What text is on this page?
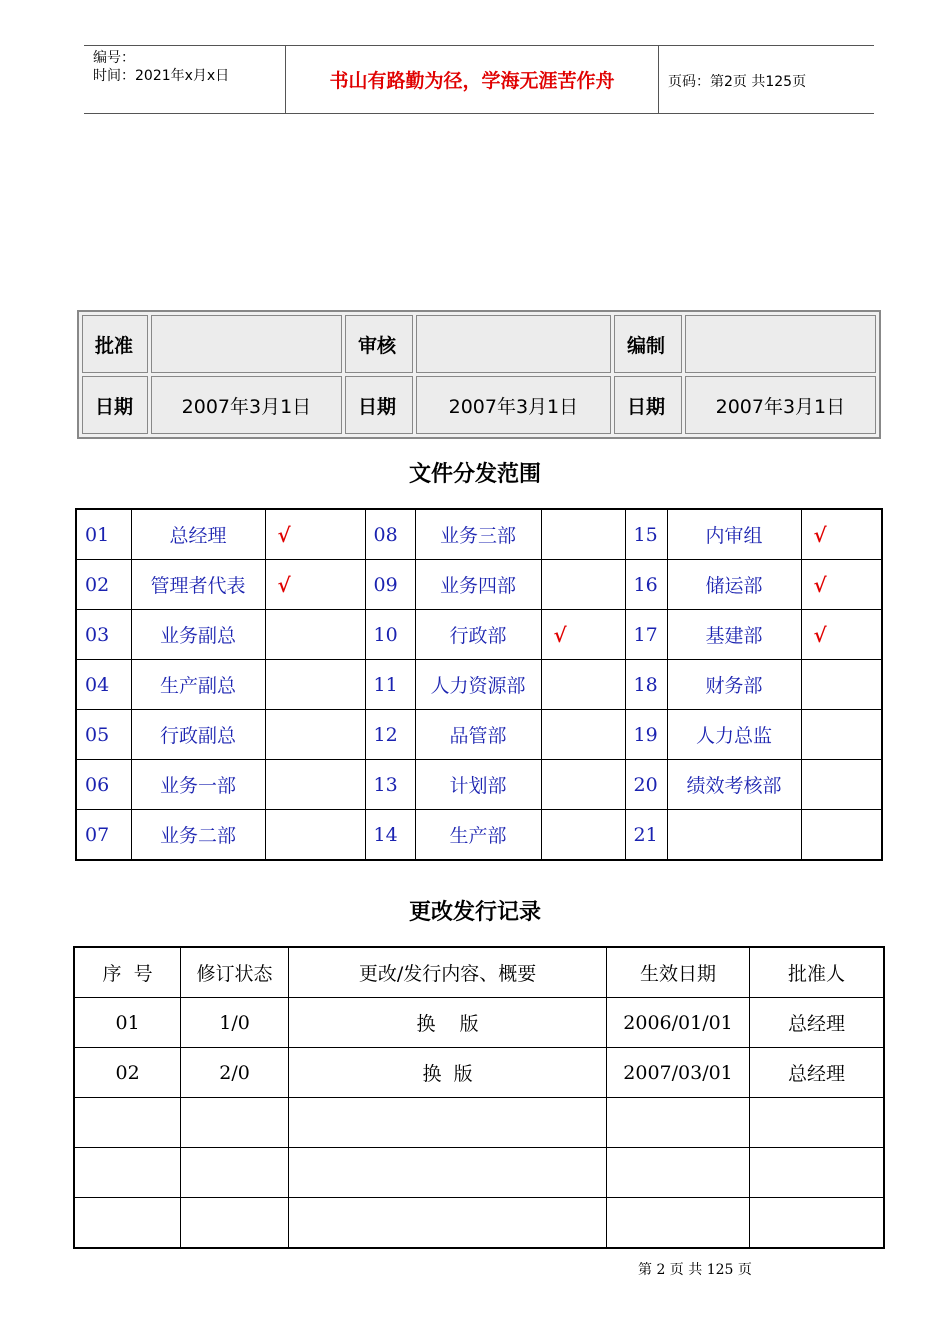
编号：
时间：2021年x月x日	书山有路勤为径，学海无涯苦作舟	页码：第2页 共125页
批准		审核		编制	
日期	2007年3月1日	日期	2007年3月1日	日期	2007年3月1日
文件分发范围
01	总经理	√	08	业务三部		15	内审组	√
02	管理者代表	√	09	业务四部		16	储运部	√
03	业务副总		10	行政部	√	17	基建部	√
04	生产副总		11	人力资源部		18	财务部	
05	行政副总		12	品管部		19	人力总监	
06	业务一部		13	计划部		20	绩效考核部	
07	业务二部		14	生产部		21		
更改发行记录
序  号	修订状态	更改/发行内容、概要	生效日期	批准人
01	1/0	换    版	2006/01/01	总经理
02	2/0	换  版	2007/03/01	总经理

第 2 页 共 125 页
